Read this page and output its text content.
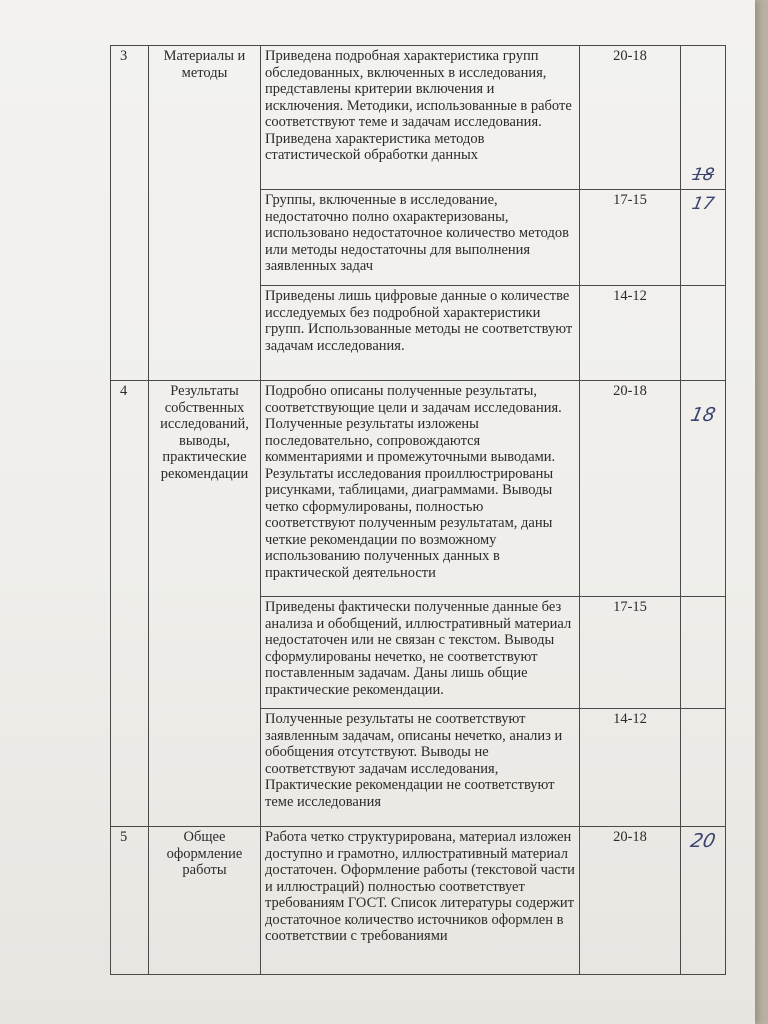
3	Материалы и методы	Приведена подробная характеристика групп обследованных, включенных в исследования, представлены критерии включения и исключения. Методики, использованные в работе соответствуют теме и задачам исследования. Приведена характеристика методов статистической обработки данных	20-18	18

		Группы, включенные в исследование, недостаточно полно охарактеризованы, использовано недостаточное количество методов или методы недостаточны для выполнения заявленных задач	17-15	17

		Приведены лишь цифровые данные о количестве исследуемых без подробной характеристики групп. Использованные методы не соответствуют задачам исследования.	14-12	

4	Результаты собственных исследований, выводы, практические рекомендации	Подробно описаны полученные результаты, соответствующие цели и задачам исследования. Полученные результаты изложены последовательно, сопровождаются комментариями и промежуточными выводами. Результаты исследования проиллюстрированы рисунками, таблицами, диаграммами. Выводы четко сформулированы, полностью соответствуют полученным результатам, даны четкие рекомендации по возможному использованию полученных данных в практической деятельности	20-18	18

		Приведены фактически полученные данные без анализа и обобщений, иллюстративный материал недостаточен или не связан с текстом. Выводы сформулированы нечетко, не соответствуют поставленным задачам. Даны лишь общие практические рекомендации.	17-15	

		Полученные результаты не соответствуют заявленным задачам, описаны нечетко, анализ и обобщения отсутствуют. Выводы не соответствуют задачам исследования, Практические рекомендации не соответствуют теме исследования	14-12	

5	Общее оформление работы	Работа четко структурирована, материал изложен доступно и грамотно, иллюстративный материал достаточен. Оформление работы (текстовой части и иллюстраций) полностью соответствует требованиям ГОСТ. Список литературы содержит достаточное количество источников оформлен в соответствии с требованиями	20-18	20
